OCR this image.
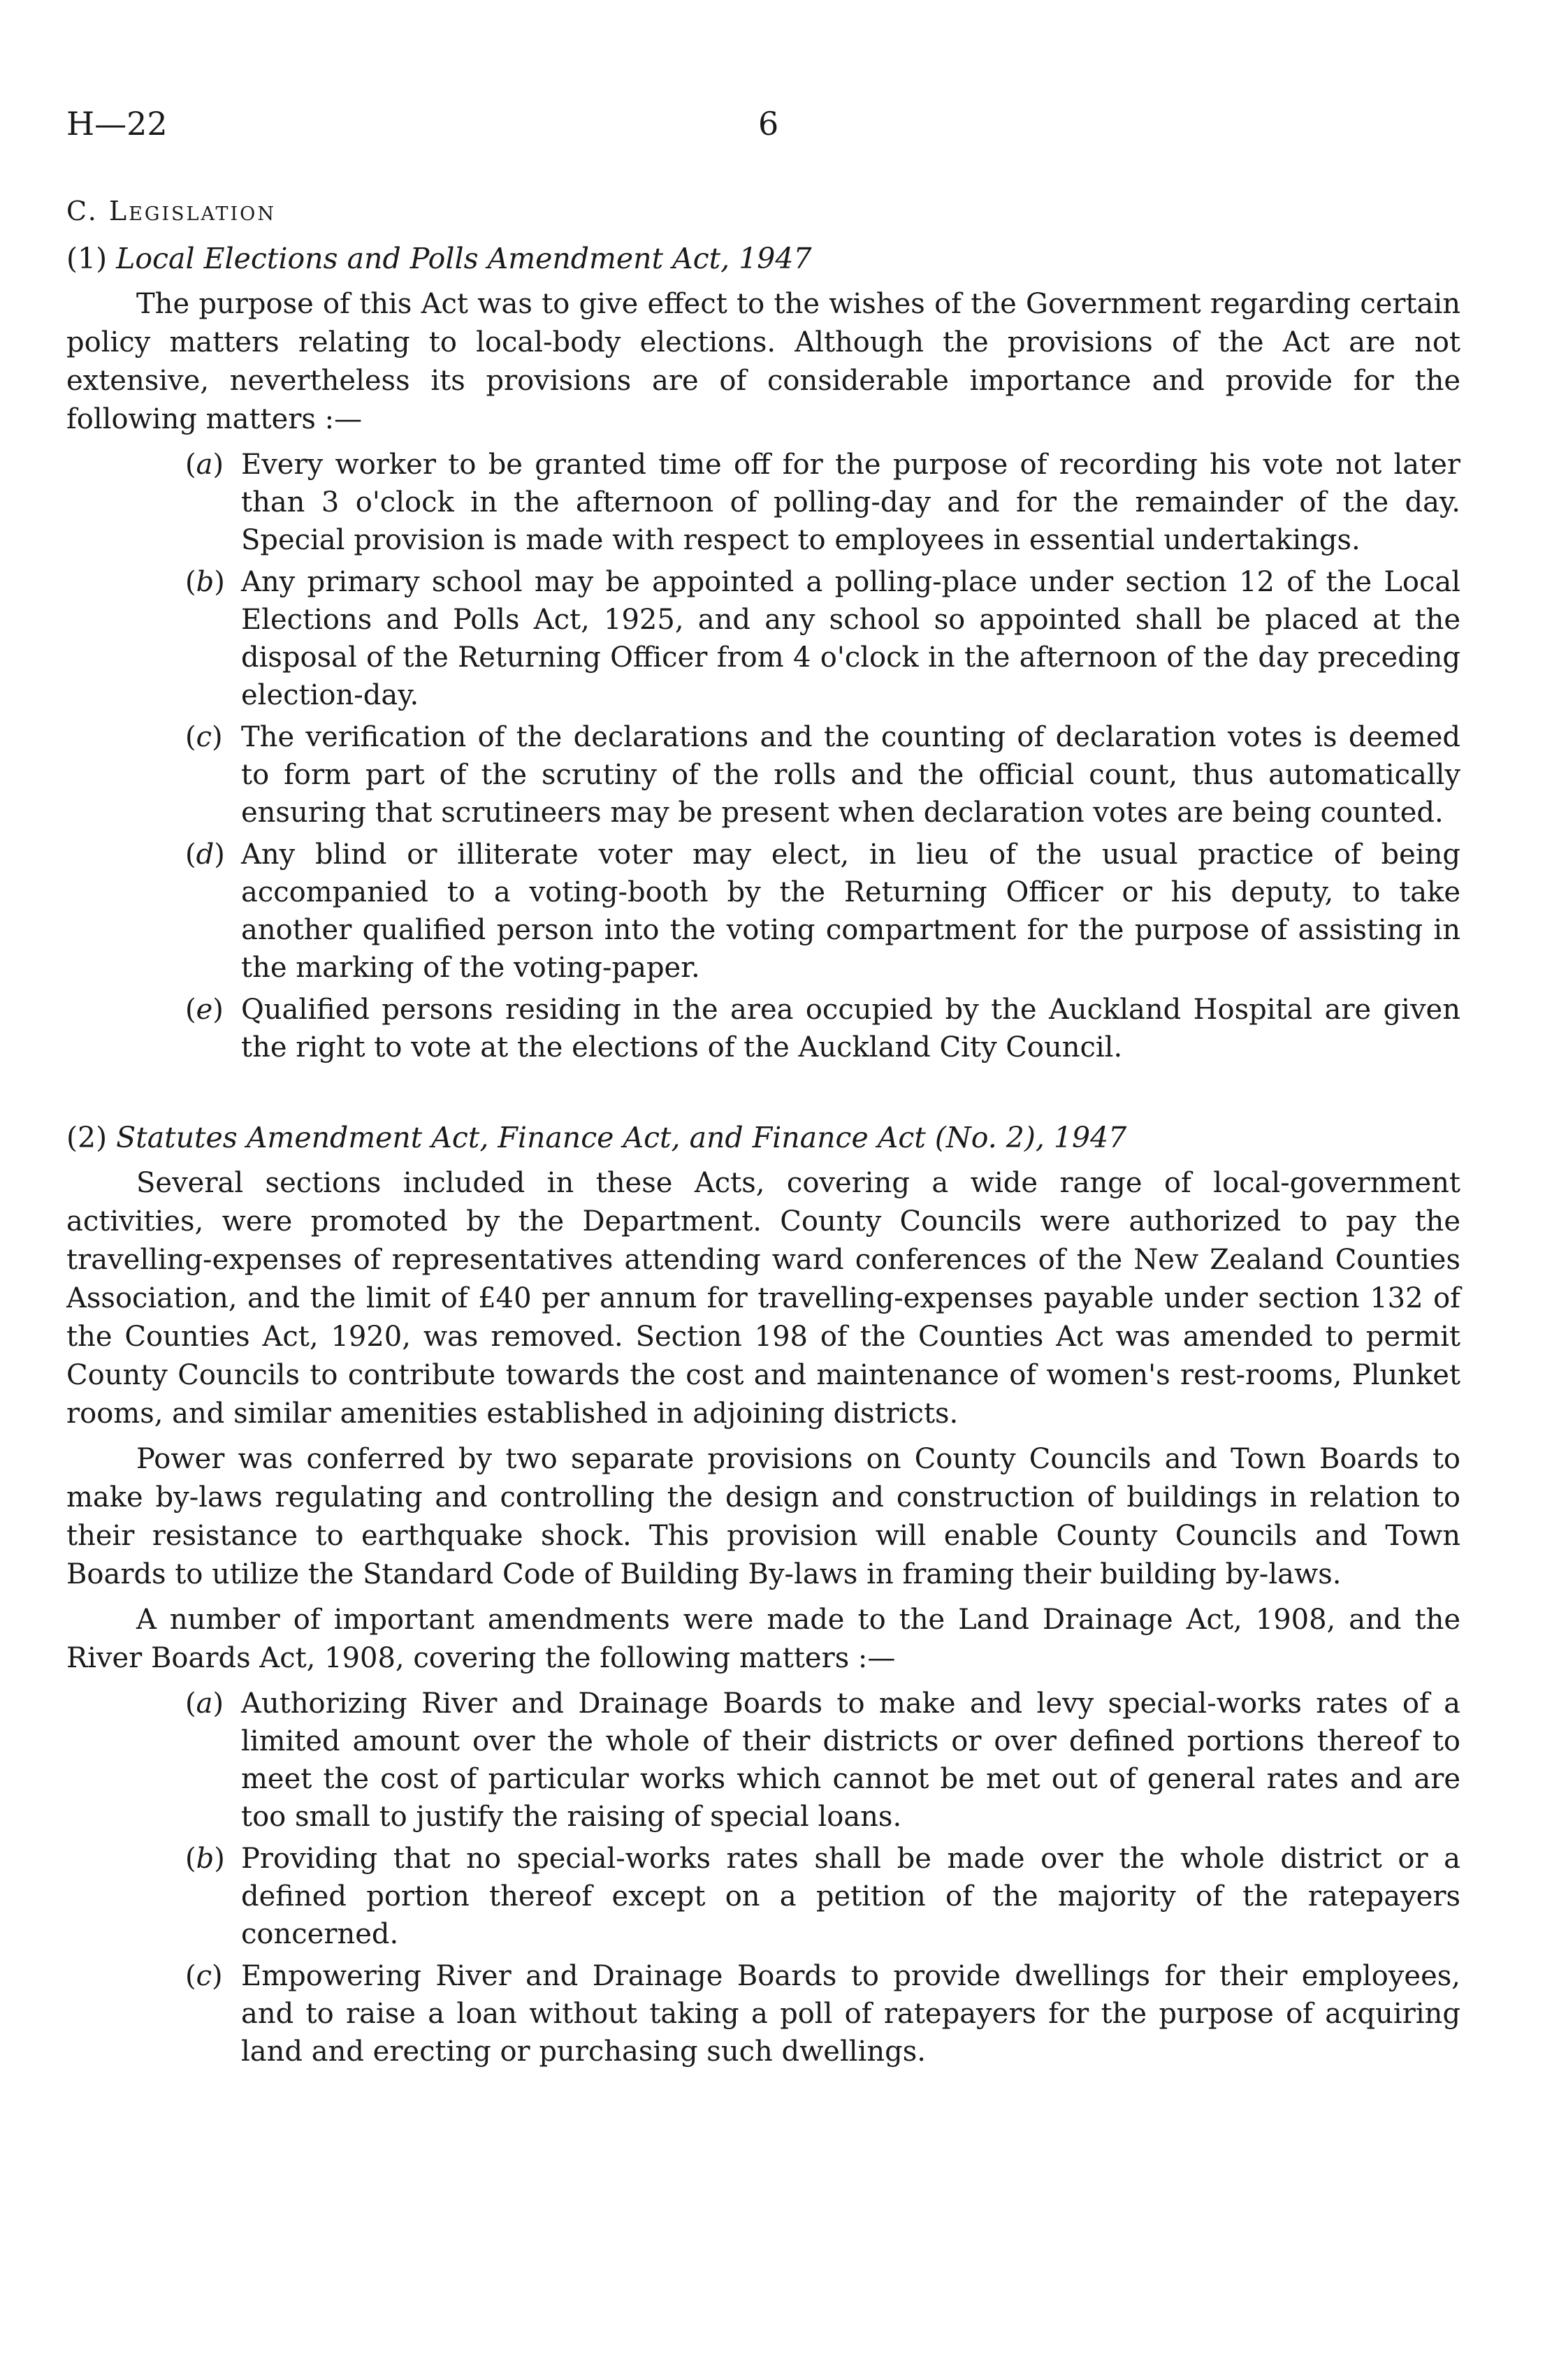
H—22	6
C. Legislation
(1) Local Elections and Polls Amendment Act, 1947

The purpose of this Act was to give effect to the wishes of the Government regarding certain policy matters relating to local-body elections. Although the provisions of the Act are not extensive, nevertheless its provisions are of considerable importance and provide for the following matters :—

(a) Every worker to be granted time off for the purpose of recording his vote not later than 3 o'clock in the afternoon of polling-day and for the remainder of the day. Special provision is made with respect to employees in essential undertakings.
(b) Any primary school may be appointed a polling-place under section 12 of the Local Elections and Polls Act, 1925, and any school so appointed shall be placed at the disposal of the Returning Officer from 4 o'clock in the afternoon of the day preceding election-day.
(c) The verification of the declarations and the counting of declaration votes is deemed to form part of the scrutiny of the rolls and the official count, thus automatically ensuring that scrutineers may be present when declaration votes are being counted.
(d) Any blind or illiterate voter may elect, in lieu of the usual practice of being accompanied to a voting-booth by the Returning Officer or his deputy, to take another qualified person into the voting compartment for the purpose of assisting in the marking of the voting-paper.
(e) Qualified persons residing in the area occupied by the Auckland Hospital are given the right to vote at the elections of the Auckland City Council.
(2) Statutes Amendment Act, Finance Act, and Finance Act (No. 2), 1947

Several sections included in these Acts, covering a wide range of local-government activities, were promoted by the Department. County Councils were authorized to pay the travelling-expenses of representatives attending ward conferences of the New Zealand Counties Association, and the limit of £40 per annum for travelling-expenses payable under section 132 of the Counties Act, 1920, was removed. Section 198 of the Counties Act was amended to permit County Councils to contribute towards the cost and maintenance of women's rest-rooms, Plunket rooms, and similar amenities established in adjoining districts.

Power was conferred by two separate provisions on County Councils and Town Boards to make by-laws regulating and controlling the design and construction of buildings in relation to their resistance to earthquake shock. This provision will enable County Councils and Town Boards to utilize the Standard Code of Building By-laws in framing their building by-laws.

A number of important amendments were made to the Land Drainage Act, 1908, and the River Boards Act, 1908, covering the following matters :—

(a) Authorizing River and Drainage Boards to make and levy special-works rates of a limited amount over the whole of their districts or over defined portions thereof to meet the cost of particular works which cannot be met out of general rates and are too small to justify the raising of special loans.
(b) Providing that no special-works rates shall be made over the whole district or a defined portion thereof except on a petition of the majority of the ratepayers concerned.
(c) Empowering River and Drainage Boards to provide dwellings for their employees, and to raise a loan without taking a poll of ratepayers for the purpose of acquiring land and erecting or purchasing such dwellings.
